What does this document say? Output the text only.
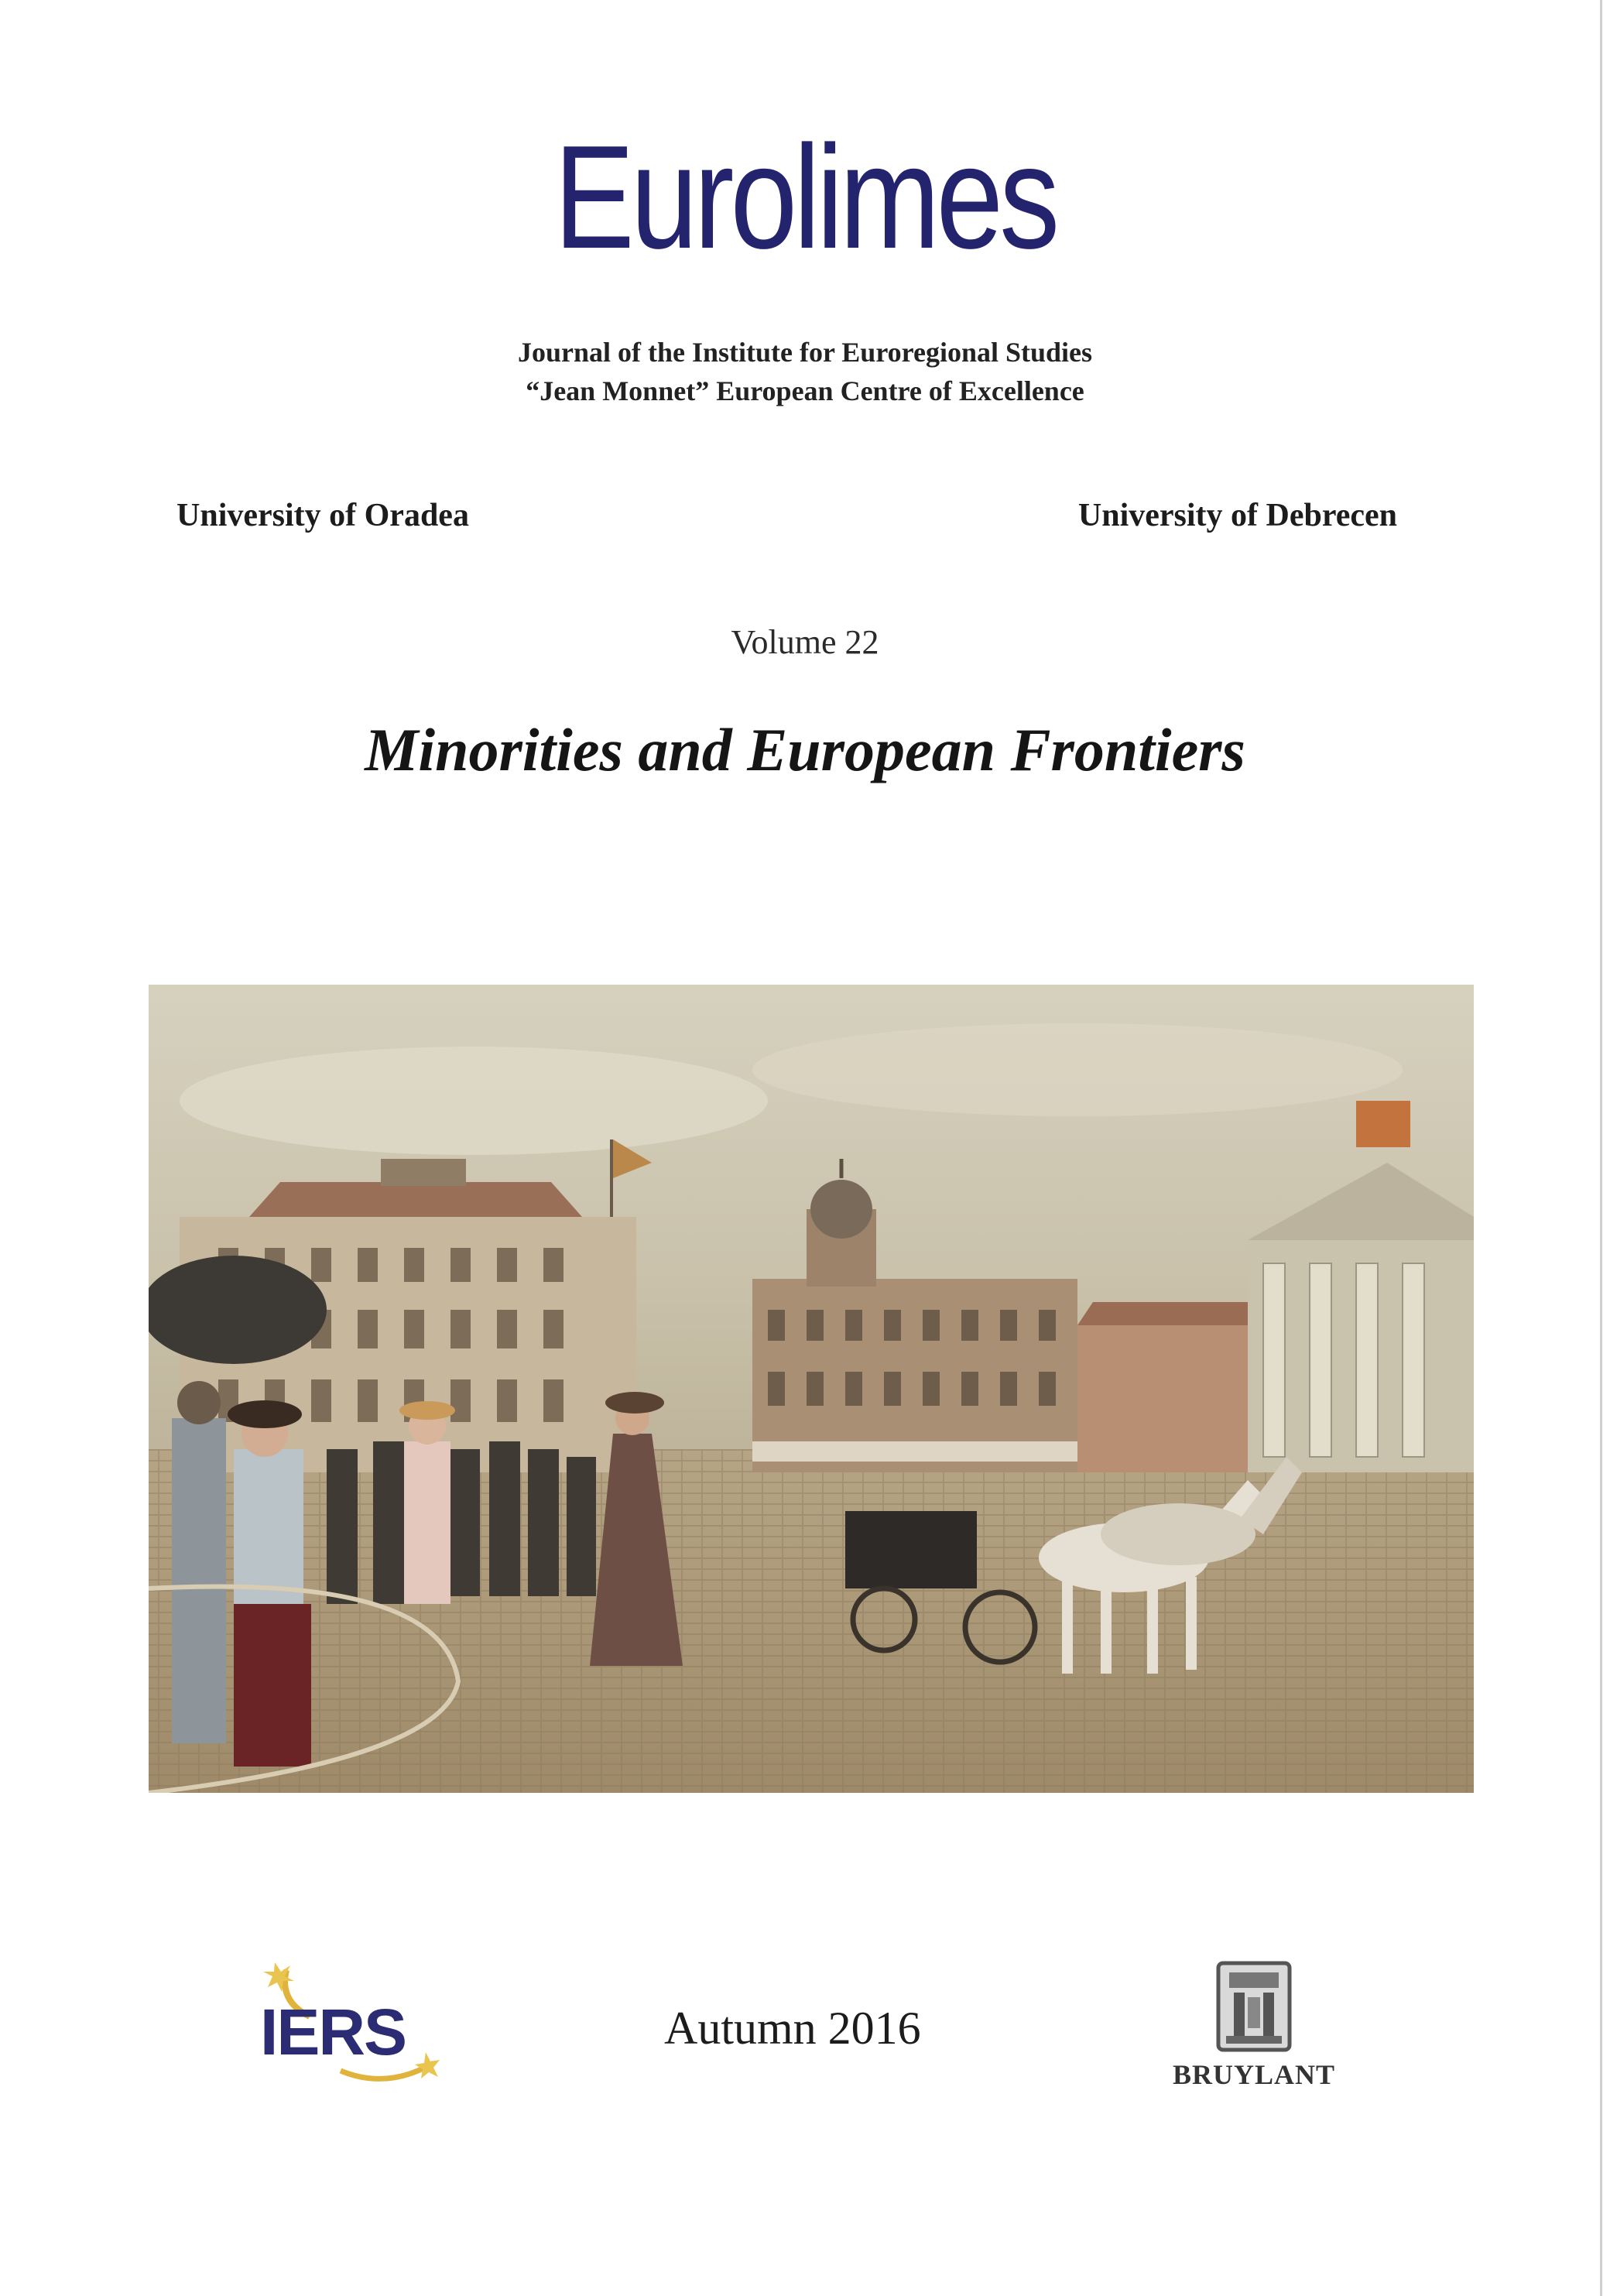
Eurolimes
Journal of the Institute for Euroregional Studies
“Jean Monnet” European Centre of Excellence
University of Oradea	University of Debrecen
Volume 22
Minorities and European Frontiers
IERS	Autumn 2016
BRUYLANT
